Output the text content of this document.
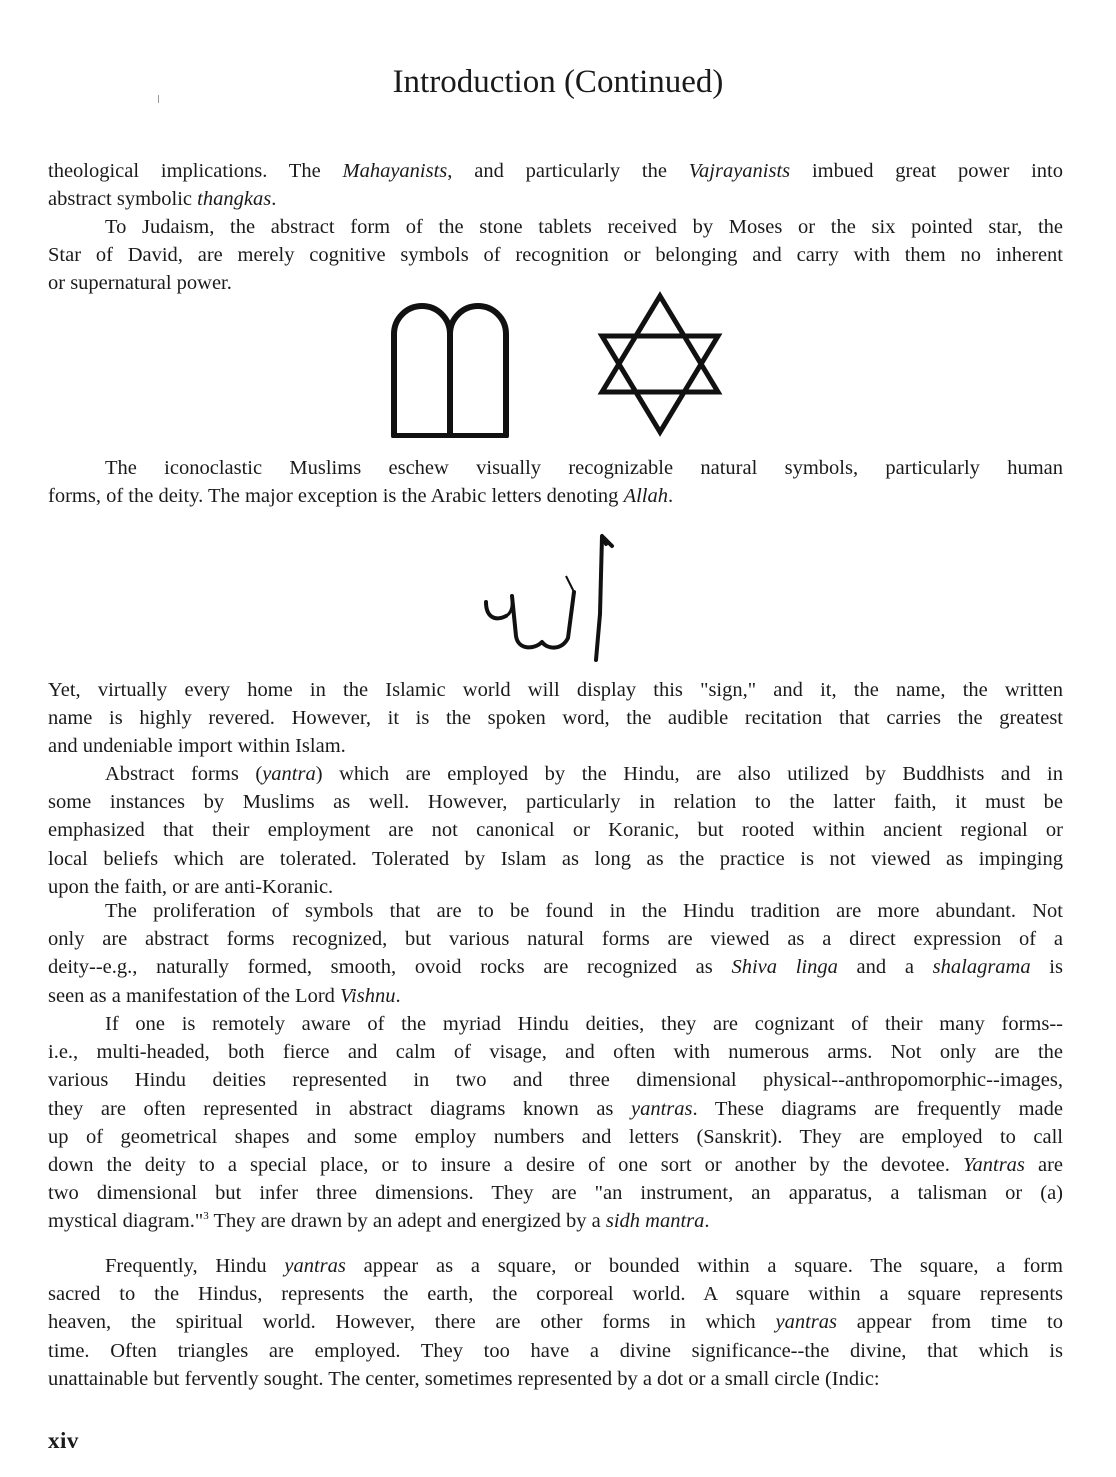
Introduction (Continued)
theological implications. The Mahayanists, and particularly the Vajrayanists imbued great power into
abstract symbolic thangkas.
To Judaism, the abstract form of the stone tablets received by Moses or the six pointed star, the
Star of David, are merely cognitive symbols of recognition or belonging and carry with them no inherent
or supernatural power.
The iconoclastic Muslims eschew visually recognizable natural symbols, particularly human
forms, of the deity. The major exception is the Arabic letters denoting Allah.
Yet, virtually every home in the Islamic world will display this "sign," and it, the name, the written
name is highly revered. However, it is the spoken word, the audible recitation that carries the greatest
and undeniable import within Islam.
Abstract forms (yantra) which are employed by the Hindu, are also utilized by Buddhists and in
some instances by Muslims as well. However, particularly in relation to the latter faith, it must be
emphasized that their employment are not canonical or Koranic, but rooted within ancient regional or
local beliefs which are tolerated. Tolerated by Islam as long as the practice is not viewed as impinging
upon the faith, or are anti-Koranic.
The proliferation of symbols that are to be found in the Hindu tradition are more abundant. Not
only are abstract forms recognized, but various natural forms are viewed as a direct expression of a
deity--e.g., naturally formed, smooth, ovoid rocks are recognized as Shiva linga and a shalagrama is
seen as a manifestation of the Lord Vishnu.
If one is remotely aware of the myriad Hindu deities, they are cognizant of their many forms--
i.e., multi-headed, both fierce and calm of visage, and often with numerous arms. Not only are the
various Hindu deities represented in two and three dimensional physical--anthropomorphic--images,
they are often represented in abstract diagrams known as yantras. These diagrams are frequently made
up of geometrical shapes and some employ numbers and letters (Sanskrit). They are employed to call
down the deity to a special place, or to insure a desire of one sort or another by the devotee. Yantras are
two dimensional but infer three dimensions. They are "an instrument, an apparatus, a talisman or (a)
mystical diagram."$^3$ They are drawn by an adept and energized by a sidh mantra.
Frequently, Hindu yantras appear as a square, or bounded within a square. The square, a form
sacred to the Hindus, represents the earth, the corporeal world. A square within a square represents
heaven, the spiritual world. However, there are other forms in which yantras appear from time to
time. Often triangles are employed. They too have a divine significance--the divine, that which is
unattainable but fervently sought. The center, sometimes represented by a dot or a small circle (Indic:
xiv
